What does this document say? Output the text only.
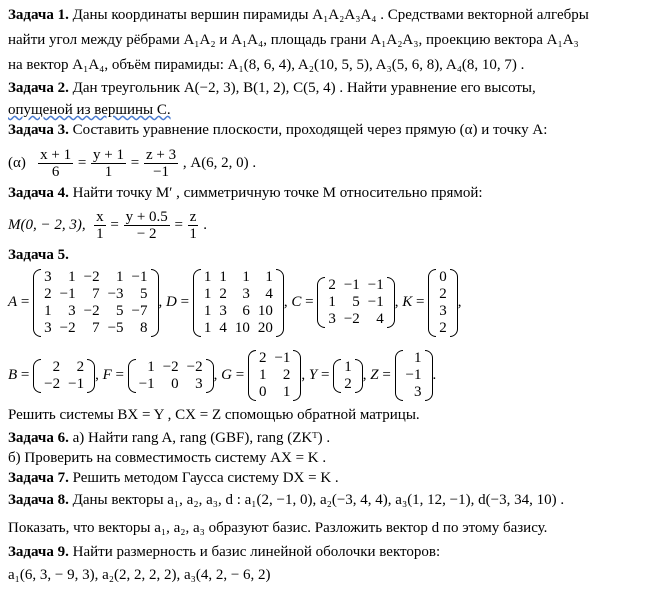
Задача 1. Даны координаты вершин пирамиды A₁A₂A₃A₄ . Средствами векторной алгебры
найти угол между рёбрами A₁A₂ и A₁A₄, площадь грани A₁A₂A₃, проекцию вектора A₁A₃
на вектор A₁A₄, объём пирамиды: A₁(8, 6, 4), A₂(10, 5, 5), A₃(5, 6, 8), A₄(8, 10, 7) .
Задача 2. Дан треугольник A(−2, 3), B(1, 2), C(5, 4) . Найти уравнение его высоты,
опущеной из вершины С.
Задача 3. Составить уравнение плоскости, проходящей через прямую (α) и точку А:
$(\alpha) \frac{x + 1}{6} = \frac{y + 1}{1} = \frac{z + 3}{-1}$ , A(6, 2, 0) .
Задача 4. Найти точку M′ , симметричную точке M относительно прямой:
M(0, − 2, 3), $\frac{x}{1} = \frac{y + 0.5}{- 2} = \frac{z}{1}$ .
Задача 5.
A =
3	1	−2	1	−1
2	−1	7	−3	5
1	3	−2	5	−7
3	−2	7	−5	8
, D =
1	1	1	1
1	2	3	4
1	3	6	10
1	4	10	20
, C =
2	−1	−1
1	5	−1
3	−2	4
, K =
0
2
3
2
,
B =
2	2
−2	−1
, F =
1	−2	−2
−1	0	3
, G =
2	−1
1	2
0	1
, Y =
1
2
, Z =
1
−1
3
.
Решить системы BX = Y , CX = Z спомощью обратной матрицы.
Задача 6. а) Найти rang A, rang (GBF), rang (ZKᵀ) .
б) Проверить на совместимость систему AX = K .
Задача 7. Решить методом Гаусса систему DX = K .
Задача 8. Даны векторы a₁, a₂, a₃, d : a₁(2, −1, 0), a₂(−3, 4, 4), a₃(1, 12, −1), d(−3, 34, 10) .
Показать, что векторы a₁, a₂, a₃ образуют базис. Разложить вектор d по этому базису.
Задача 9. Найти размерность и базис линейной оболочки векторов:
a₁(6, 3, − 9, 3), a₂(2, 2, 2, 2), a₃(4, 2, − 6, 2)
